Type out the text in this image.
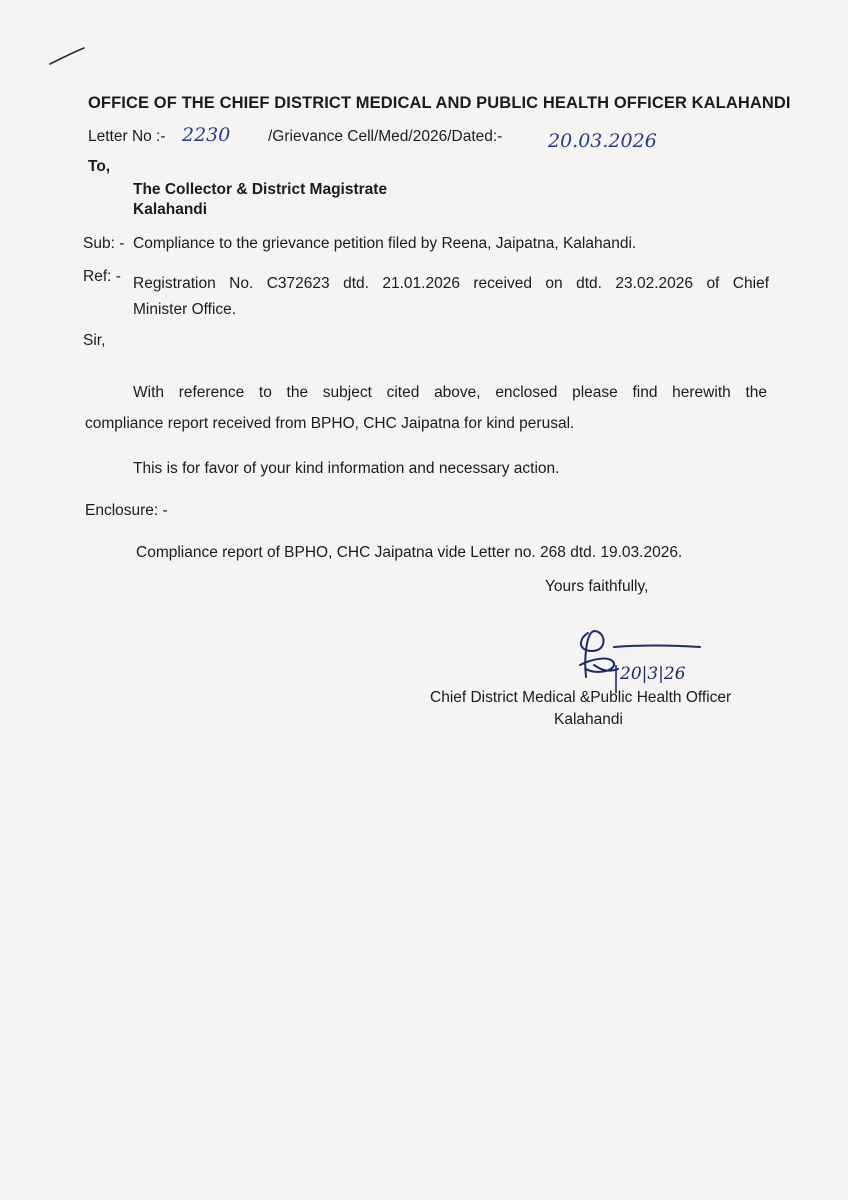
OFFICE OF THE CHIEF DISTRICT MEDICAL AND PUBLIC HEALTH OFFICER KALAHANDI
Letter No :- 2230 /Grievance Cell/Med/2026/Dated:- 20.03.2026
To,
The Collector & District Magistrate
Kalahandi
Sub: - Compliance to the grievance petition filed by Reena, Jaipatna, Kalahandi.
Ref: - Registration No. C372623 dtd. 21.01.2026 received on dtd. 23.02.2026 of Chief
Minister Office.
Sir,
With reference to the subject cited above, enclosed please find herewith the
compliance report received from BPHO, CHC Jaipatna for kind perusal.
This is for favor of your kind information and necessary action.
Enclosure: -
Compliance report of BPHO, CHC Jaipatna vide Letter no. 268 dtd. 19.03.2026.
Yours faithfully,
20|3|26
Chief District Medical &Public Health Officer
Kalahandi
